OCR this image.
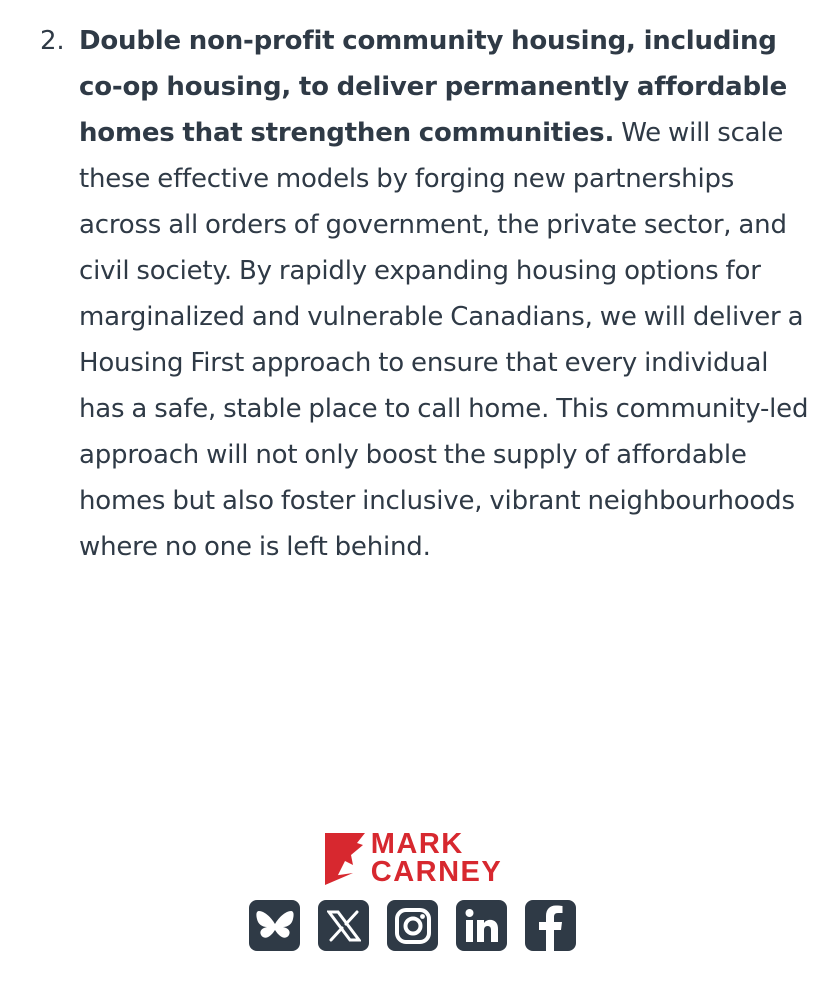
2. Double non-profit community housing, including co-op housing, to deliver permanently affordable homes that strengthen communities. We will scale these effective models by forging new partnerships across all orders of government, the private sector, and civil society. By rapidly expanding housing options for marginalized and vulnerable Canadians, we will deliver a Housing First approach to ensure that every individual has a safe, stable place to call home. This community-led approach will not only boost the supply of affordable homes but also foster inclusive, vibrant neighbourhoods where no one is left behind.
MARK
CARNEY
